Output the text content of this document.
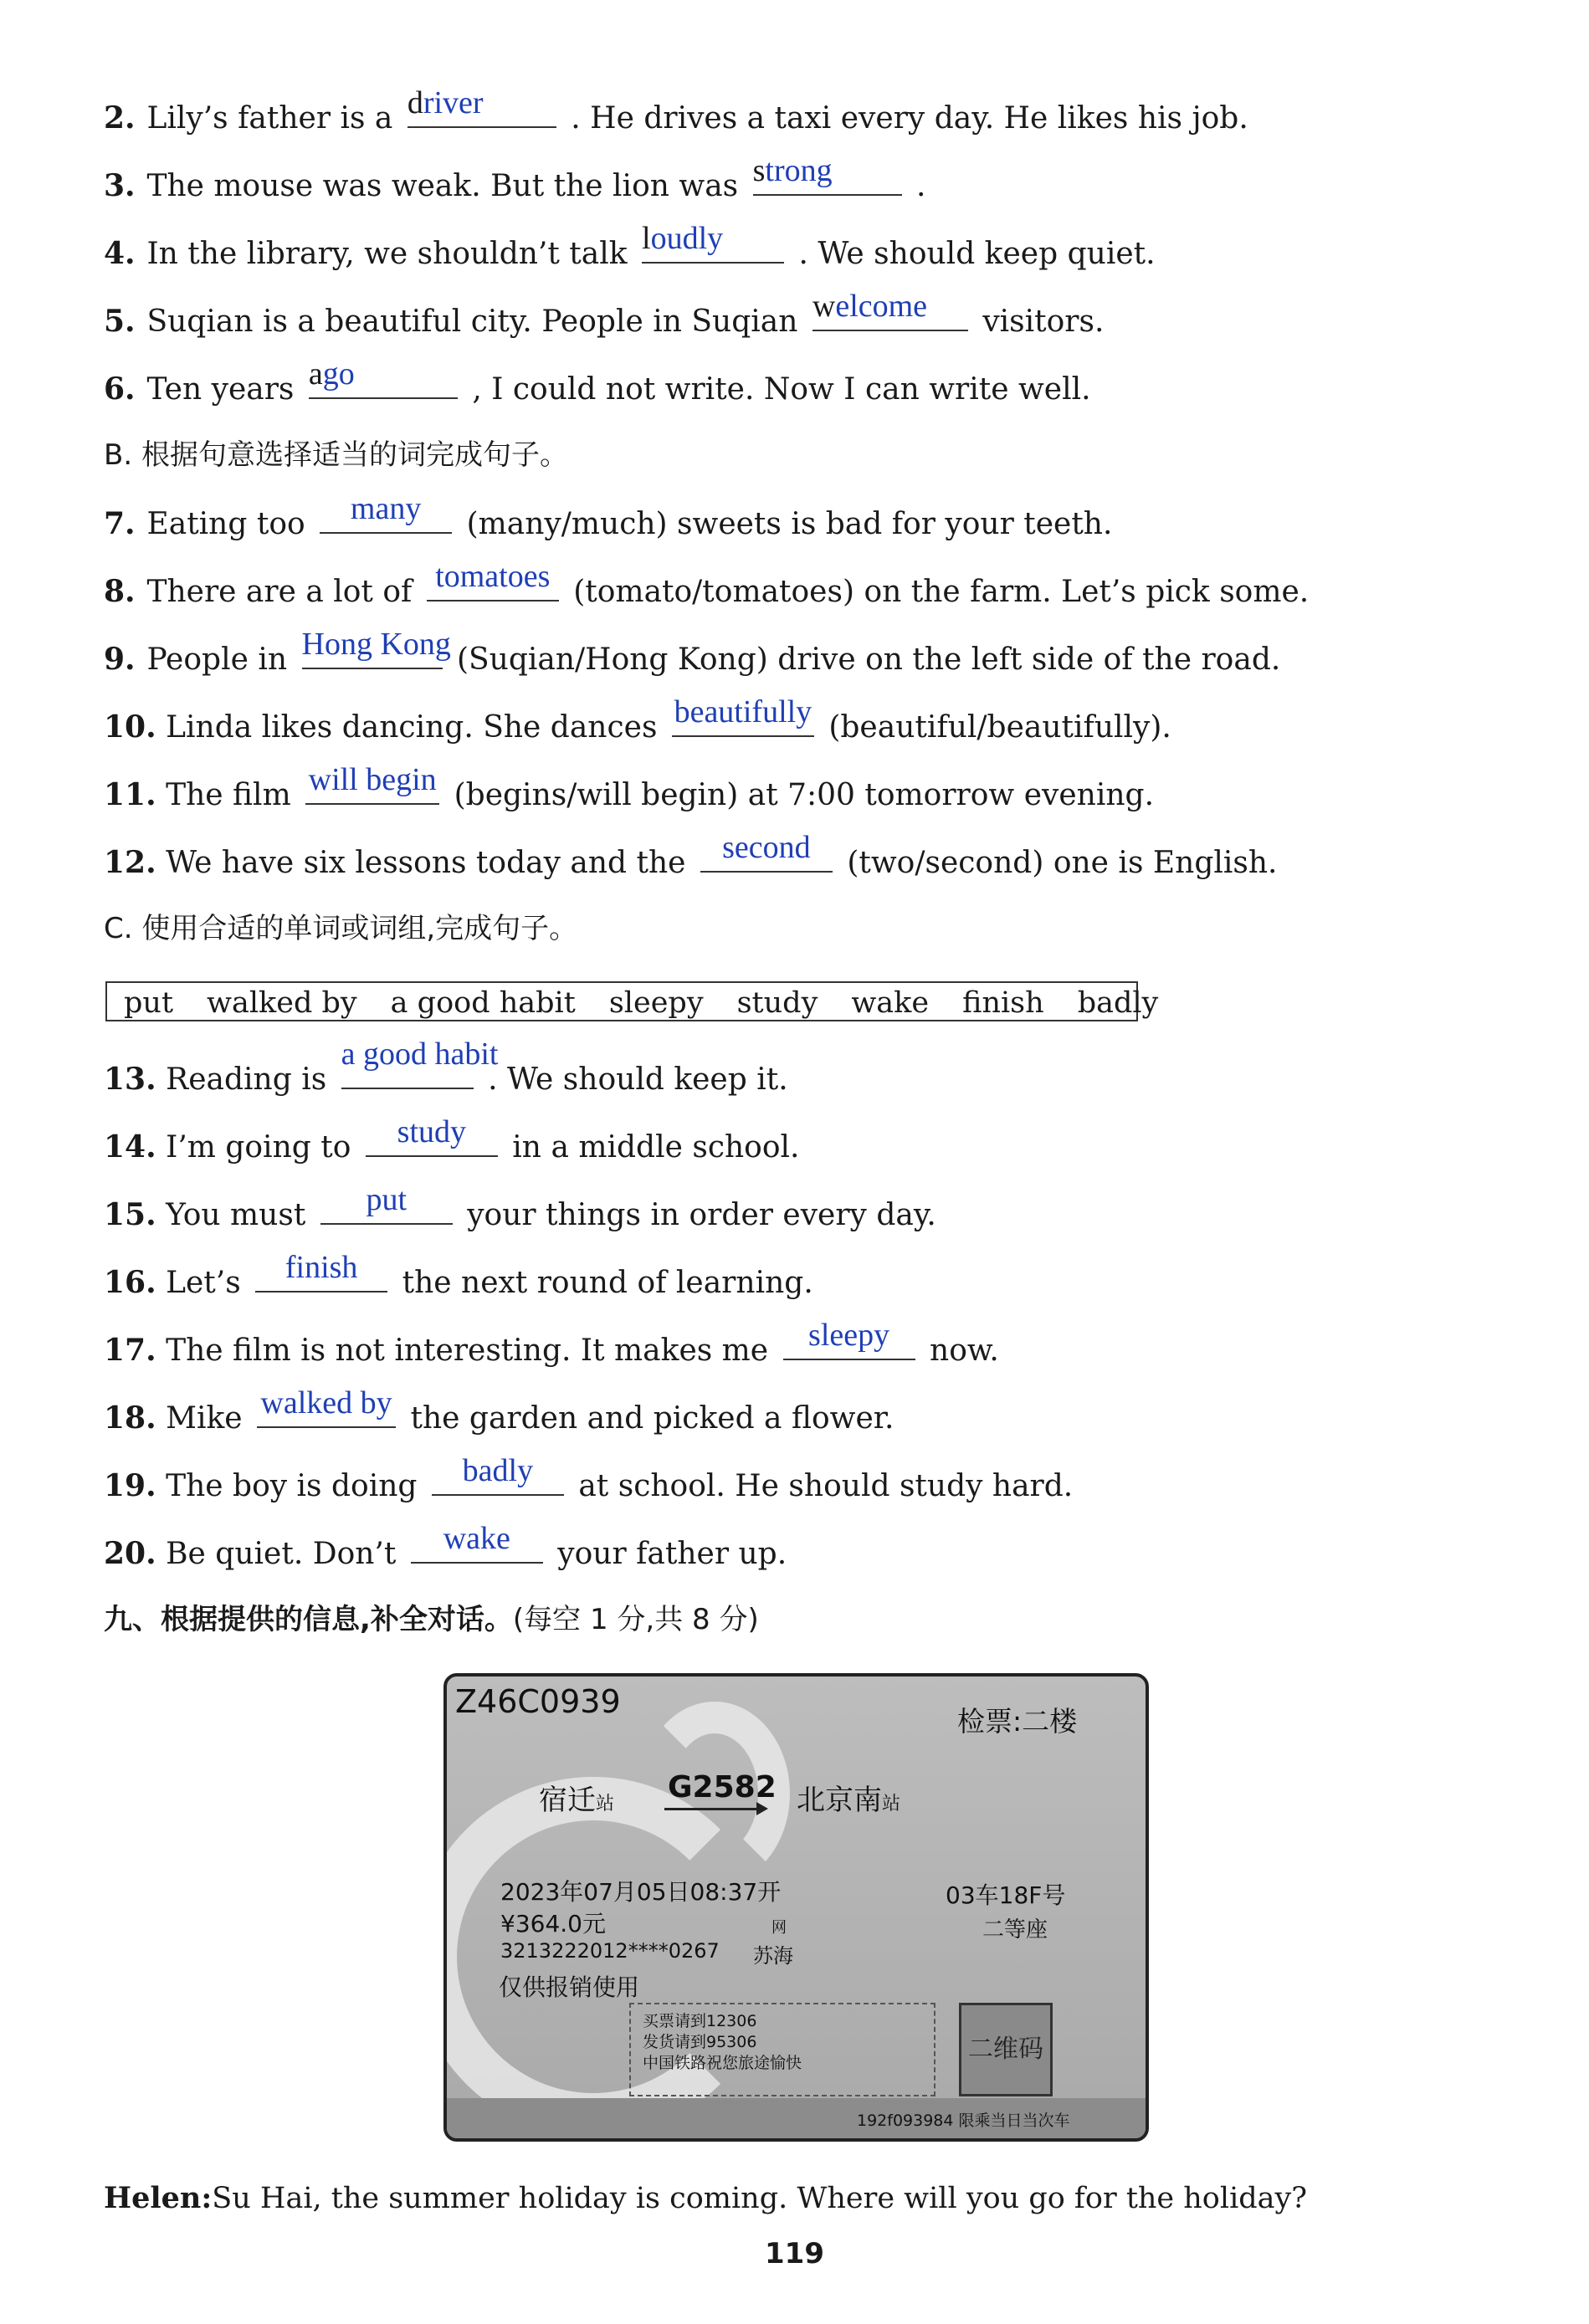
2. Lily’s father is a driver	. He drives a taxi every day. He likes his job.
3. The mouse was weak. But the lion was strong	.
4. In the library, we shouldn’t talk loudly	. We should keep quiet.
5. Suqian is a beautiful city. People in Suqian welcome	visitors.
6. Ten years ago	, I could not write. Now I can write well.
B. 根据句意选择适当的词完成句子。
7. Eating too	many	(many/much) sweets is bad for your teeth.
8. There are a lot of tomatoes (tomato/tomatoes) on the farm. Let’s pick some.
9. People in Hong Kong (Suqian/Hong Kong) drive on the left side of the road.
10. Linda likes dancing. She dances beautifully (beautiful/beautifully).
11. The film will begin (begins/will begin) at 7:00 tomorrow evening.
12. We have six lessons today and the	second	(two/second) one is English.
C. 使用合适的单词或词组,完成句子。
put walked by a good habit sleepy study wake finish badly
13. Reading is
a good habit
. We should keep it.
14. I’m going to	study	in a middle school.
15. You must	put	your things in order every day.
16. Let’s	finish	the next round of learning.
17. The film is not interesting. It makes me	sleepy	now.
18. Mike walked by the garden and picked a flower.
19. The boy is doing	badly	at school. He should study hard.
20. Be quiet. Don’t	wake	your father up.
九、根据提供的信息,补全对话。(每空 1 分,共 8 分)
Z46C0939
检票:二楼
宿迁站 G2582 北京南站
2023年07月05日08:37开	03车18F号
¥364.0元	网	二等座
3213222012****0267 苏海
仅供报销使用
买票请到12306
发货请到95306
中国铁路祝您旅途愉快	二维码
192f093984 限乘当日当次车
Helen:Su Hai, the summer holiday is coming. Where will you go for the holiday?
119
